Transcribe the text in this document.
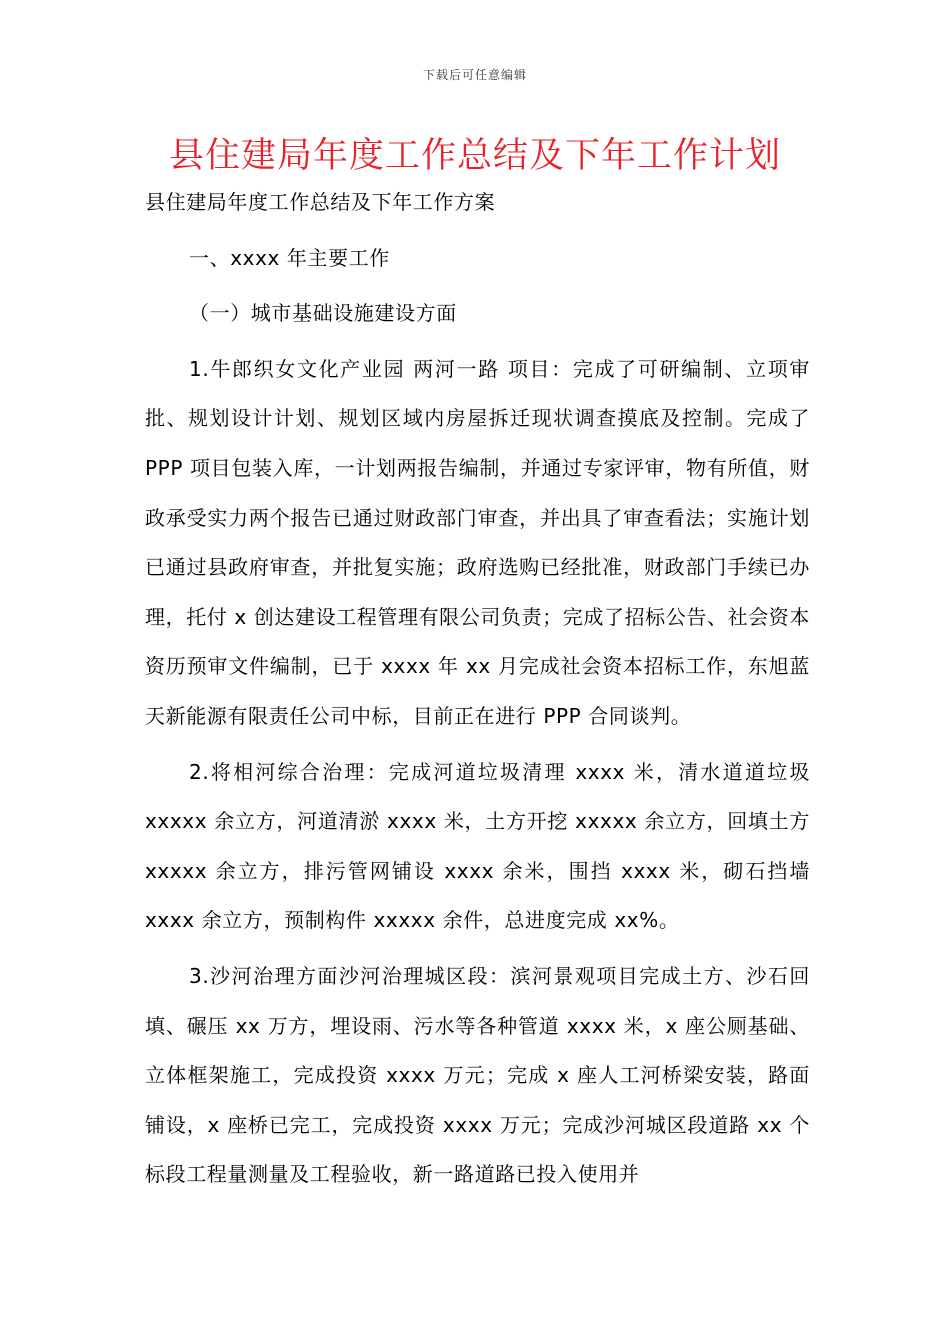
下载后可任意编辑
县住建局年度工作总结及下年工作计划

县住建局年度工作总结及下年工作方案

一、xxxx 年主要工作

（一）城市基础设施建设方面

1.牛郎织女文化产业园 两河一路 项目：完成了可研编制、立项审批、规划设计计划、规划区域内房屋拆迁现状调查摸底及控制。完成了 PPP 项目包装入库，一计划两报告编制，并通过专家评审，物有所值，财政承受实力两个报告已通过财政部门审查，并出具了审查看法；实施计划已通过县政府审查，并批复实施；政府选购已经批准，财政部门手续已办理，托付 x 创达建设工程管理有限公司负责；完成了招标公告、社会资本资历预审文件编制，已于 xxxx 年 xx 月完成社会资本招标工作，东旭蓝天新能源有限责任公司中标，目前正在进行 PPP 合同谈判。

2.将相河综合治理：完成河道垃圾清理 xxxx 米，清水道道垃圾 xxxxx 余立方，河道清淤 xxxx 米，土方开挖 xxxxx 余立方，回填土方 xxxxx 余立方，排污管网铺设 xxxx 余米，围挡 xxxx 米，砌石挡墙 xxxx 余立方，预制构件 xxxxx 余件，总进度完成 xx%。

3.沙河治理方面沙河治理城区段：滨河景观项目完成土方、沙石回填、碾压 xx 万方，埋设雨、污水等各种管道 xxxx 米，x 座公厕基础、立体框架施工，完成投资 xxxx 万元；完成 x 座人工河桥梁安装，路面铺设，x 座桥已完工，完成投资 xxxx 万元；完成沙河城区段道路 xx 个标段工程量测量及工程验收，新一路道路已投入使用并
